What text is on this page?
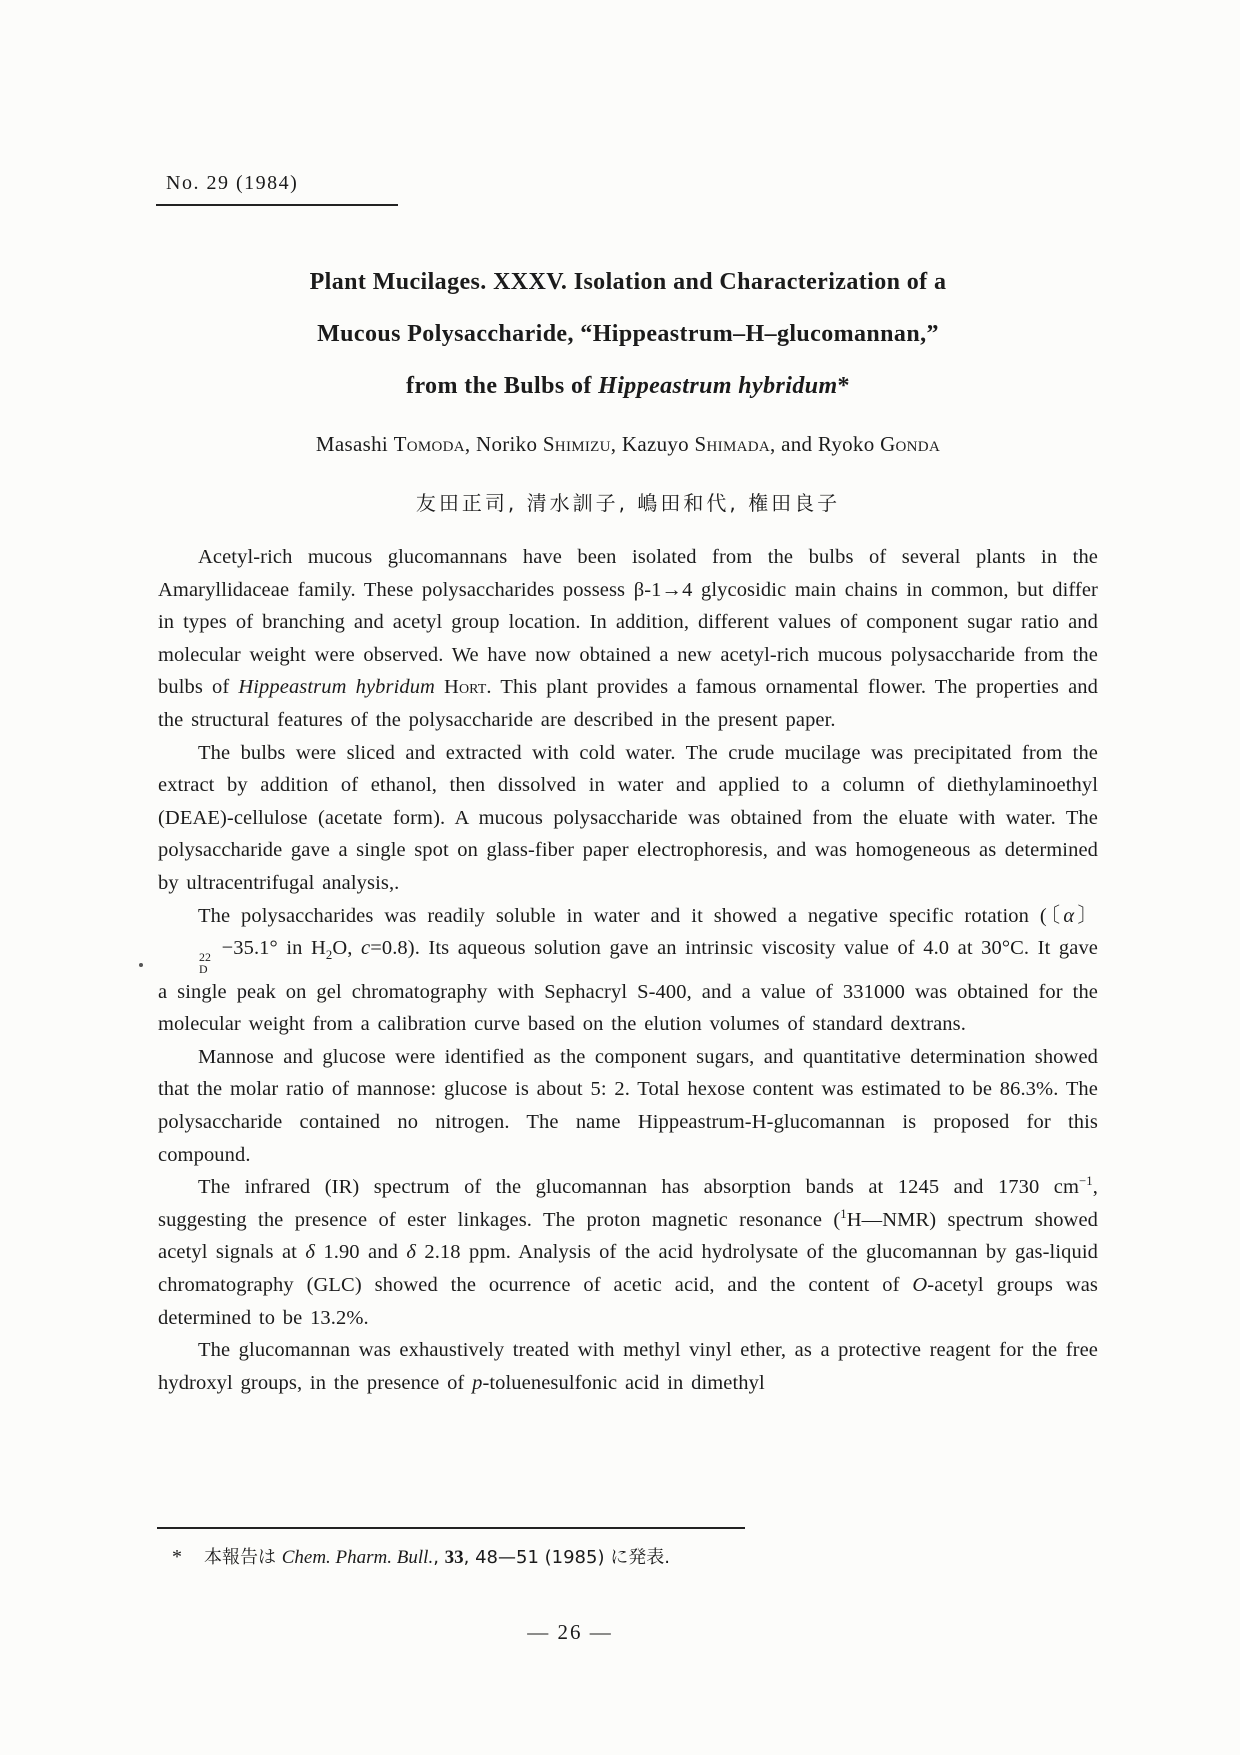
No. 29 (1984)
Plant Mucilages. XXXV. Isolation and Characterization of a
Mucous Polysaccharide, “Hippeastrum–H–glucomannan,”
from the Bulbs of Hippeastrum hybridum*
Masashi Tomoda, Noriko Shimizu, Kazuyo Shimada, and Ryoko Gonda
友田正司, 清水訓子, 嶋田和代, 権田良子

Acetyl-rich mucous glucomannans have been isolated from the bulbs of several plants in the Amaryllidaceae family. These polysaccharides possess β-1→4 glycosidic main chains in common, but differ in types of branching and acetyl group location. In addition, different values of component sugar ratio and molecular weight were observed. We have now obtained a new acetyl-rich mucous polysaccharide from the bulbs of Hippeastrum hybridum Hort. This plant provides a famous ornamental flower. The properties and the structural features of the polysaccharide are described in the present paper.

The bulbs were sliced and extracted with cold water. The crude mucilage was precipitated from the extract by addition of ethanol, then dissolved in water and applied to a column of diethylaminoethyl (DEAE)-cellulose (acetate form). A mucous polysaccharide was obtained from the eluate with water. The polysaccharide gave a single spot on glass-fiber paper electrophoresis, and was homogeneous as determined by ultracentrifugal analysis,.

The polysaccharides was readily soluble in water and it showed a negative specific rotation (〔α〕
22
D
−35.1° in $H_2O$, c=0.8). Its aqueous solution gave an intrinsic viscosity value of 4.0 at 30°C. It gave a single peak on gel chromatography with Sephacryl S-400, and a value of 331000 was obtained for the molecular weight from a calibration curve based on the elution volumes of standard dextrans.

Mannose and glucose were identified as the component sugars, and quantitative determination showed that the molar ratio of mannose: glucose is about 5: 2. Total hexose content was estimated to be 86.3%. The polysaccharide contained no nitrogen. The name Hippeastrum-H-glucomannan is proposed for this compound.

The infrared (IR) spectrum of the glucomannan has absorption bands at 1245 and 1730 $cm^{-1}$, suggesting the presence of ester linkages. The proton magnetic resonance ($^1$H—NMR) spectrum showed acetyl signals at δ 1.90 and δ 2.18 ppm. Analysis of the acid hydrolysate of the glucomannan by gas-liquid chromatography (GLC) showed the ocurrence of acetic acid, and the content of O-acetyl groups was determined to be 13.2%.

The glucomannan was exhaustively treated with methyl vinyl ether, as a protective reagent for the free hydroxyl groups, in the presence of p-toluenesulfonic acid in dimethyl

* 本報告は Chem. Pharm. Bull., 33, 48—51 (1985) に発表.
— 26 —
